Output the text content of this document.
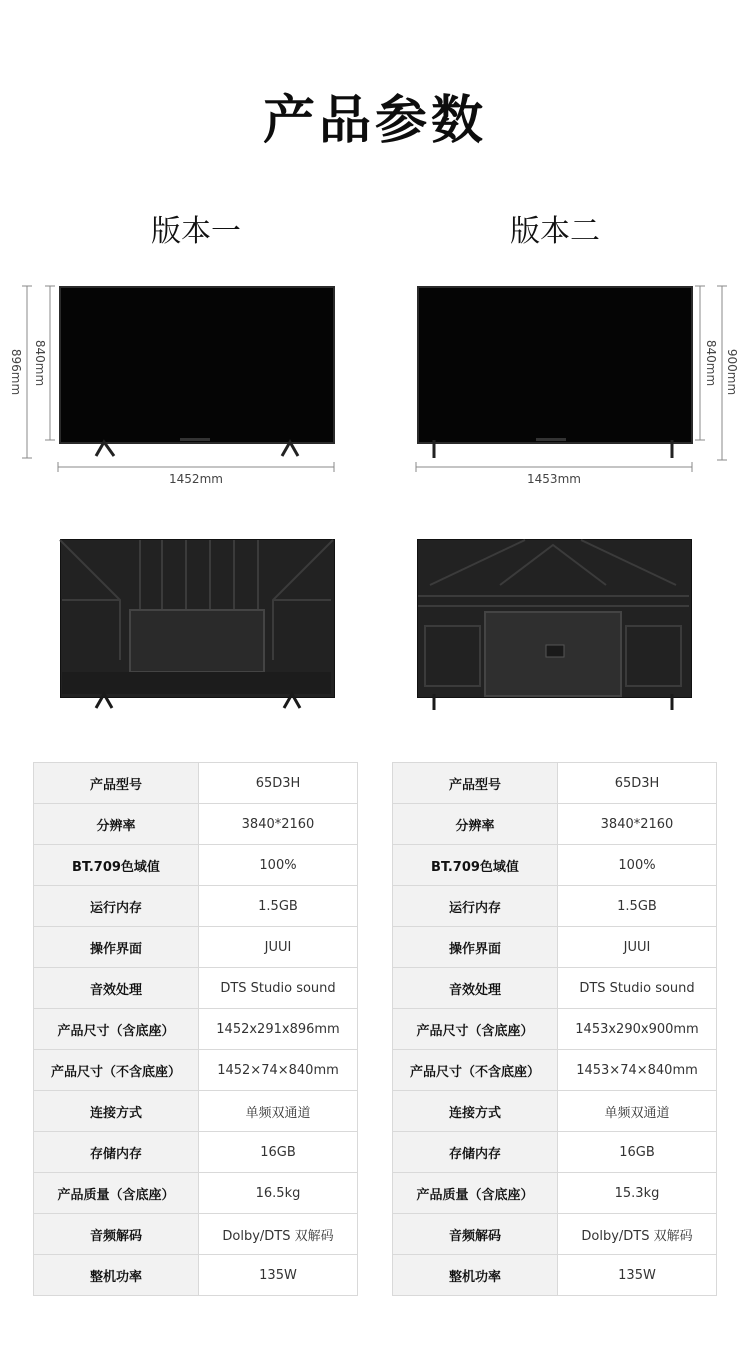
产品参数
版本一	版本二
896mm 840mm
1452mm
840mm 900mm
1453mm
产品型号	65D3H
分辨率	3840*2160
BT.709色域值	100%
运行内存	1.5GB
操作界面	JUUI
音效处理	DTS Studio sound
产品尺寸（含底座）	1452x291x896mm
产品尺寸（不含底座）	1452×74×840mm
连接方式	单频双通道
存储内存	16GB
产品质量（含底座）	16.5kg
音频解码	Dolby/DTS 双解码
整机功率	135W
产品型号	65D3H
分辨率	3840*2160
BT.709色域值	100%
运行内存	1.5GB
操作界面	JUUI
音效处理	DTS Studio sound
产品尺寸（含底座）	1453x290x900mm
产品尺寸（不含底座）	1453×74×840mm
连接方式	单频双通道
存储内存	16GB
产品质量（含底座）	15.3kg
音频解码	Dolby/DTS 双解码
整机功率	135W
